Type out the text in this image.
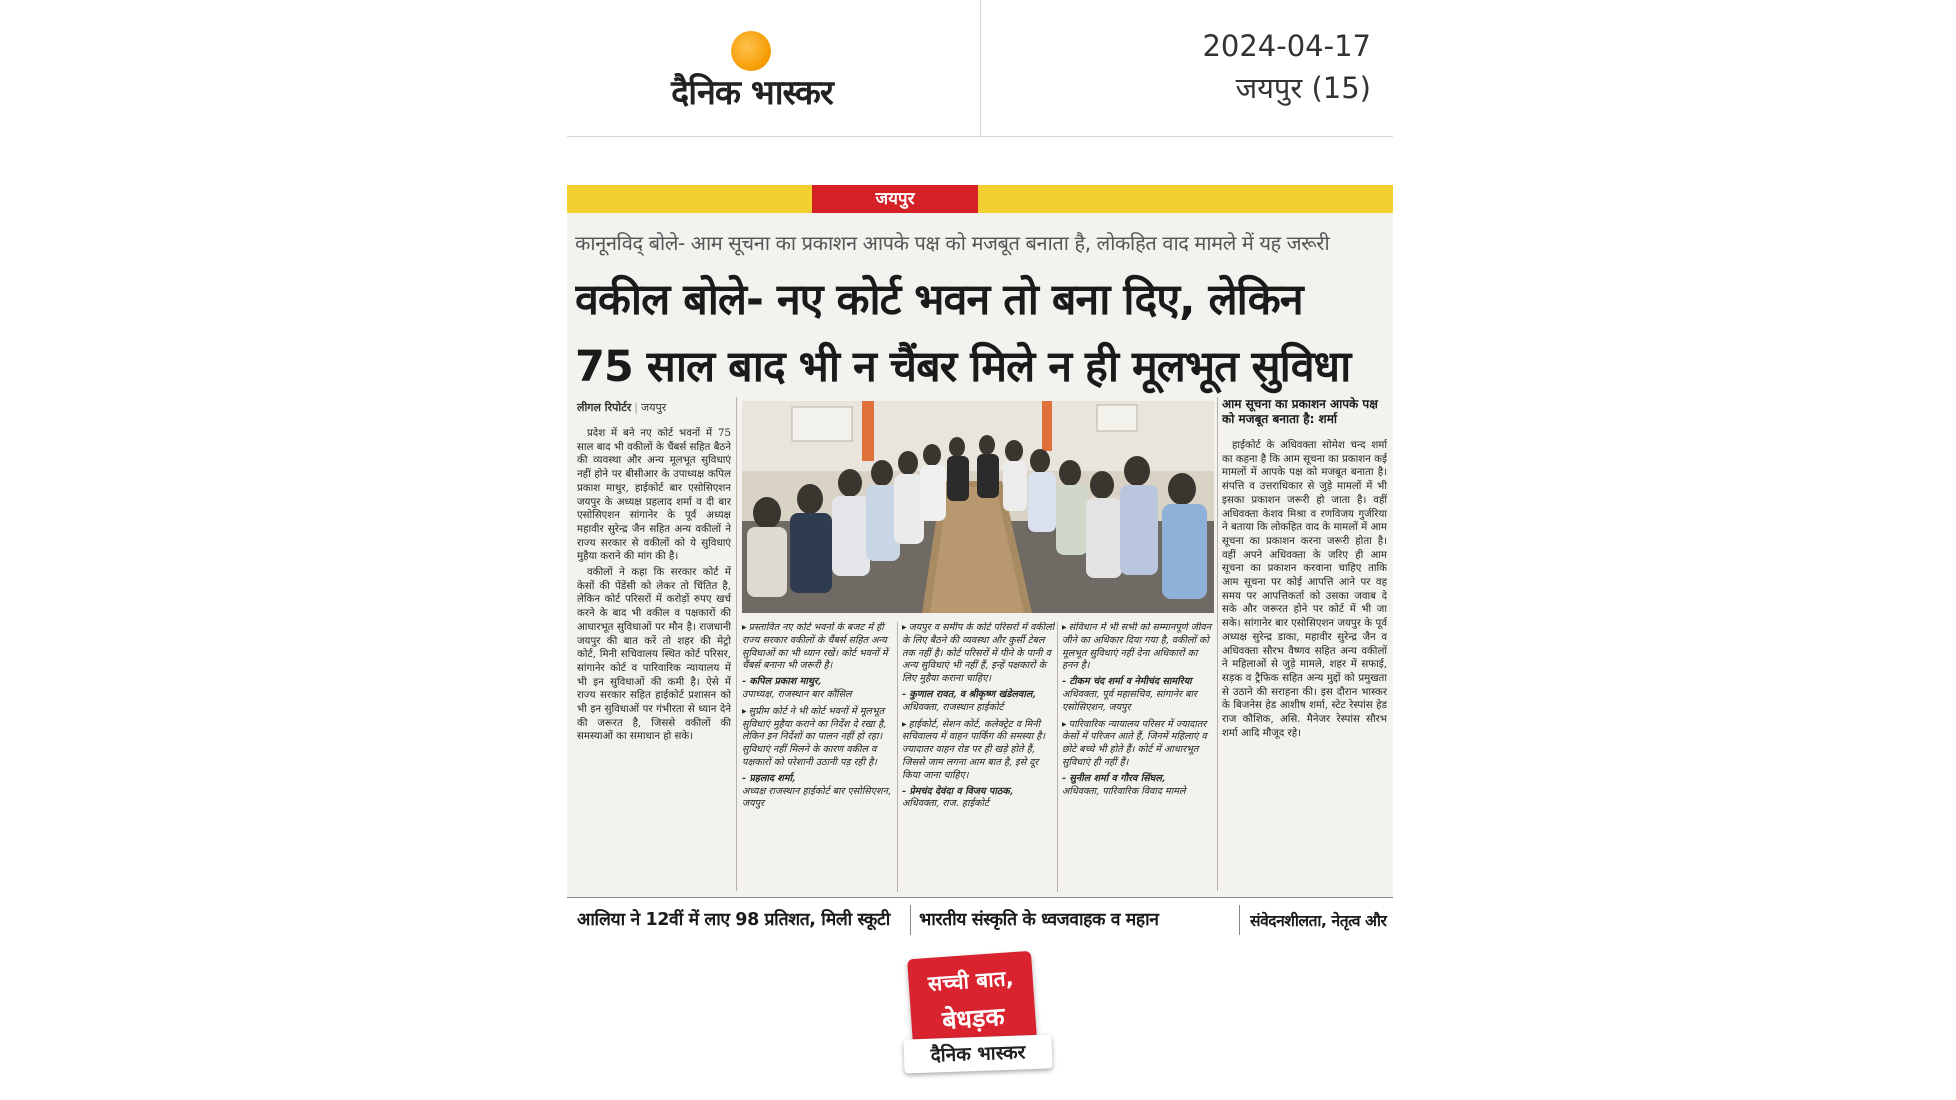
दैनिक भास्कर
2024-04-17
जयपुर (15)
जयपुर
कानूनविद् बोले- आम सूचना का प्रकाशन आपके पक्ष को मजबूत बनाता है, लोकहित वाद मामले में यह जरूरी
वकील बोले- नए कोर्ट भवन तो बना दिए, लेकिन
75 साल बाद भी न चैंबर मिले न ही मूलभूत सुविधा
लीगल रिपोर्टर | जयपुर

प्रदेश में बने नए कोर्ट भवनों में 75 साल बाद भी वकीलों के चैंबर्स सहित बैठने की व्यवस्था और अन्य मूलभूत सुविधाएं नहीं होने पर बीसीआर के उपाध्यक्ष कपिल प्रकाश माथुर, हाईकोर्ट बार एसोसिएशन जयपुर के अध्यक्ष प्रहलाद शर्मा व दी बार एसोसिएशन सांगानेर के पूर्व अध्यक्ष महावीर सुरेन्द्र जैन सहित अन्य वकीलों ने राज्य सरकार से वकीलों को ये सुविधाएं मुहैया कराने की मांग की है।

वकीलों ने कहा कि सरकार कोर्ट में केसों की पेंडेंसी को लेकर तो चिंतित है, लेकिन कोर्ट परिसरों में करोड़ों रुपए खर्च करने के बाद भी वकील व पक्षकारों की आधारभूत सुविधाओं पर मौन है। राजधानी जयपुर की बात करें तो शहर की मेट्रो कोर्ट, मिनी सचिवालय स्थित कोर्ट परिसर, सांगानेर कोर्ट व पारिवारिक न्यायालय में भी इन सुविधाओं की कमी है। ऐसे में राज्य सरकार सहित हाईकोर्ट प्रशासन को भी इन सुविधाओं पर गंभीरता से ध्यान देने की जरूरत है, जिससे वकीलों की समस्याओं का समाधान हो सके।

आम सूचना का प्रकाशन आपके पक्ष को मजबूत बनाता है: शर्मा

हाईकोर्ट के अधिवक्ता सोमेश चन्द शर्मा का कहना है कि आम सूचना का प्रकाशन कई मामलों में आपके पक्ष को मजबूत बनाता है। संपत्ति व उत्तराधिकार से जुड़े मामलों में भी इसका प्रकाशन जरूरी हो जाता है। वहीं अधिवक्ता केशव मिश्रा व रणविजय गुर्जरिया ने बताया कि लोकहित वाद के मामलों में आम सूचना का प्रकाशन करना जरूरी होता है। वहीं अपने अधिवक्ता के जरिए ही आम सूचना का प्रकाशन करवाना चाहिए ताकि आम सूचना पर कोई आपत्ति आने पर वह समय पर आपत्तिकर्ता को उसका जवाब दे सके और जरूरत होने पर कोर्ट में भी जा सके। सांगानेर बार एसोसिएशन जयपुर के पूर्व अध्यक्ष सुरेन्द्र डाका, महावीर सुरेन्द्र जैन व अधिवक्ता सौरभ वैष्णव सहित अन्य वकीलों ने महिलाओं से जुड़े मामले, शहर में सफाई, सड़क व ट्रैफिक सहित अन्य मुद्दों को प्रमुखता से उठाने की सराहना की। इस दौरान भास्कर के बिजनेस हेड आशीष शर्मा, स्टेट रेस्पांस हेड राज कौशिक, असि. मैनेजर रेस्पांस सौरभ शर्मा आदि मौजूद रहे।

▶ प्रस्तावित नए कोर्ट भवनों के बजट में ही राज्य सरकार वकीलों के चैंबर्स सहित अन्य सुविधाओं का भी ध्यान रखें। कोर्ट भवनों में चैंबर्स बनाना भी जरूरी है।
- कपिल प्रकाश माथुर,
उपाध्यक्ष, राजस्थान बार कौंसिल
▶ सुप्रीम कोर्ट ने भी कोर्ट भवनों में मूलभूत सुविधाएं मुहैया कराने का निर्देश दे रखा है, लेकिन इन निर्देशों का पालन नहीं हो रहा। सुविधाएं नहीं मिलने के कारण वकील व पक्षकारों को परेशानी उठानी पड़ रही है।
- प्रहलाद शर्मा,
अध्यक्ष राजस्थान हाईकोर्ट बार एसोसिएशन, जयपुर
▶ जयपुर व समीप के कोर्ट परिसरों में वकीलों के लिए बैठने की व्यवस्था और कुर्सी टेबल तक नहीं है। कोर्ट परिसरों में पीने के पानी व अन्य सुविधाएं भी नहीं हैं, इन्हें पक्षकारों के लिए मुहैया कराना चाहिए।
- कुणाल रावत, व श्रीकृष्ण खंडेलवाल,
अधिवक्ता, राजस्थान हाईकोर्ट
▶ हाईकोर्ट, सेशन कोर्ट, कलेक्ट्रेट व मिनी सचिवालय में वाहन पार्किंग की समस्या है। ज्यादातर वाहन रोड पर ही खड़े होते हैं, जिससे जाम लगना आम बात है, इसे दूर किया जाना चाहिए।
- प्रेमचंद देवंदा व विजय पाठक,
अधिवक्ता, राज. हाईकोर्ट
▶ संविधान में भी सभी को सम्मानपूर्ण जीवन जीने का अधिकार दिया गया है, वकीलों को मूलभूत सुविधाएं नहीं देना अधिकारों का हनन है।
- टीकम चंद शर्मा व नेमीचंद सामरिया
अधिवक्ता, पूर्व महासचिव, सांगानेर बार एसोसिएशन, जयपुर
▶ पारिवारिक न्यायालय परिसर में ज्यादातर केसों में परिजन आते हैं, जिनमें महिलाएं व छोटे बच्चे भी होते हैं। कोर्ट में आधारभूत सुविधाएं ही नहीं हैं।
- सुनील शर्मा व गौरव सिंघल,
अधिवक्ता, पारिवारिक विवाद मामले
आलिया ने 12वीं में लाए 98 प्रतिशत, मिली स्कूटी	भारतीय संस्कृति के ध्वजवाहक व महान	संवेदनशीलता, नेतृत्व और
सच्ची बात,
बेधड़क
दैनिक भास्कर
